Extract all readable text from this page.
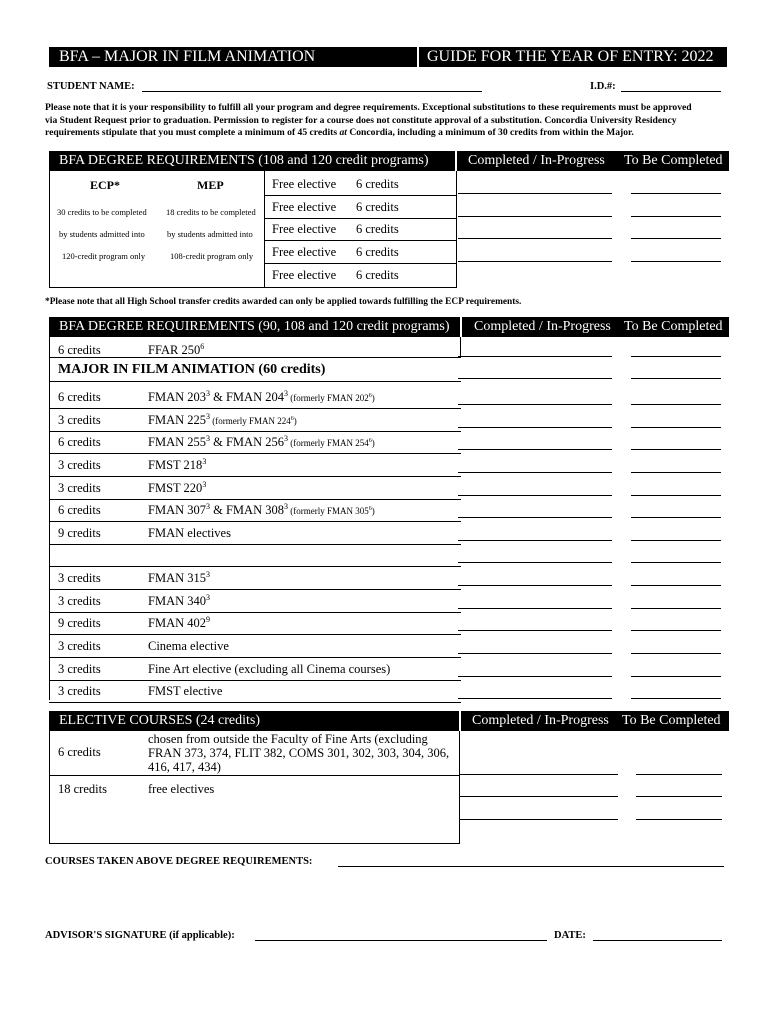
BFA – MAJOR IN FILM ANIMATION	GUIDE FOR THE YEAR OF ENTRY: 2022
STUDENT NAME:	I.D.#:
Please note that it is your responsibility to fulfill all your program and degree requirements. Exceptional substitutions to these requirements must be approved
via Student Request prior to graduation. Permission to register for a course does not constitute approval of a substitution. Concordia University Residency
requirements stipulate that you must complete a minimum of 45 credits at Concordia, including a minimum of 30 credits from within the Major.
BFA DEGREE REQUIREMENTS (108 and 120 credit programs)	Completed / In-Progress To Be Completed
ECP*	MEP
30 credits to be completed
by students admitted into
120-credit program only
18 credits to be completed
by students admitted into
108-credit program only
Free elective 6 credits
Free elective 6 credits
Free elective 6 credits
Free elective 6 credits
Free elective 6 credits
*Please note that all High School transfer credits awarded can only be applied towards fulfilling the ECP requirements.
BFA DEGREE REQUIREMENTS (90, 108 and 120 credit programs) Completed / In-Progress To Be Completed
6 credits	FFAR $250^6$
MAJOR IN FILM ANIMATION (60 credits)
6 credits	FMAN $203^3$ & FMAN $204^3$ (formerly FMAN $202^6$)
3 credits	FMAN $225^3$ (formerly FMAN $224^6$)
6 credits	FMAN $255^3$ & FMAN $256^3$ (formerly FMAN $254^6$)
3 credits	FMST $218^3$
3 credits	FMST $220^3$
6 credits	FMAN $307^3$ & FMAN $308^3$ (formerly FMAN $305^6$)
9 credits	FMAN electives
3 credits	FMAN $315^3$
3 credits	FMAN $340^3$
9 credits	FMAN $402^9$
3 credits	Cinema elective
3 credits	Fine Art elective (excluding all Cinema courses)
3 credits	FMST elective
ELECTIVE COURSES (24 credits)	Completed / In-Progress To Be Completed
6 credits
chosen from outside the Faculty of Fine Arts (excluding
FRAN 373, 374, FLIT 382, COMS 301, 302, 303, 304, 306,
416, 417, 434)
18 credits	free electives
COURSES TAKEN ABOVE DEGREE REQUIREMENTS:
ADVISOR'S SIGNATURE (if applicable):	DATE:
